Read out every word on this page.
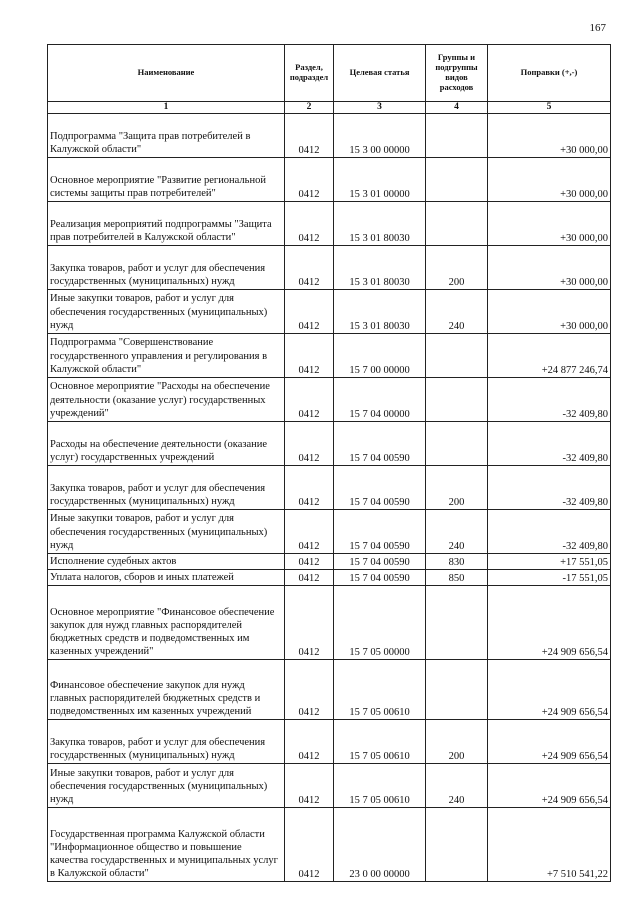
167
Наименование	Раздел, подраздел	Целевая статья	Группы и подгруппы видов расходов	Поправки (+,-)
1	2	3	4	5
Подпрограмма "Защита прав потребителей в Калужской области"	0412	15 3 00 00000		+30 000,00
Основное мероприятие "Развитие региональной системы защиты прав потребителей"	0412	15 3 01 00000		+30 000,00
Реализация мероприятий подпрограммы "Защита прав потребителей в Калужской области"	0412	15 3 01 80030		+30 000,00
Закупка товаров, работ и услуг для обеспечения государственных (муниципальных) нужд	0412	15 3 01 80030	200	+30 000,00
Иные закупки товаров, работ и услуг для обеспечения государственных (муниципальных) нужд	0412	15 3 01 80030	240	+30 000,00
Подпрограмма "Совершенствование государственного управления и регулирования в Калужской области"	0412	15 7 00 00000		+24 877 246,74
Основное мероприятие "Расходы на обеспечение деятельности (оказание услуг) государственных учреждений"	0412	15 7 04 00000		-32 409,80
Расходы на обеспечение деятельности (оказание услуг) государственных учреждений	0412	15 7 04 00590		-32 409,80
Закупка товаров, работ и услуг для обеспечения государственных (муниципальных) нужд	0412	15 7 04 00590	200	-32 409,80
Иные закупки товаров, работ и услуг для обеспечения государственных (муниципальных) нужд	0412	15 7 04 00590	240	-32 409,80
Исполнение судебных актов	0412	15 7 04 00590	830	+17 551,05
Уплата налогов, сборов и иных платежей	0412	15 7 04 00590	850	-17 551,05
Основное мероприятие "Финансовое обеспечение закупок для нужд главных распорядителей бюджетных средств и подведомственных им казенных учреждений"	0412	15 7 05 00000		+24 909 656,54
Финансовое обеспечение закупок для нужд главных распорядителей бюджетных средств и подведомственных им казенных учреждений	0412	15 7 05 00610		+24 909 656,54
Закупка товаров, работ и услуг для обеспечения государственных (муниципальных) нужд	0412	15 7 05 00610	200	+24 909 656,54
Иные закупки товаров, работ и услуг для обеспечения государственных (муниципальных) нужд	0412	15 7 05 00610	240	+24 909 656,54
Государственная программа Калужской области "Информационное общество и повышение качества государственных и муниципальных услуг в Калужской области"	0412	23 0 00 00000		+7 510 541,22
